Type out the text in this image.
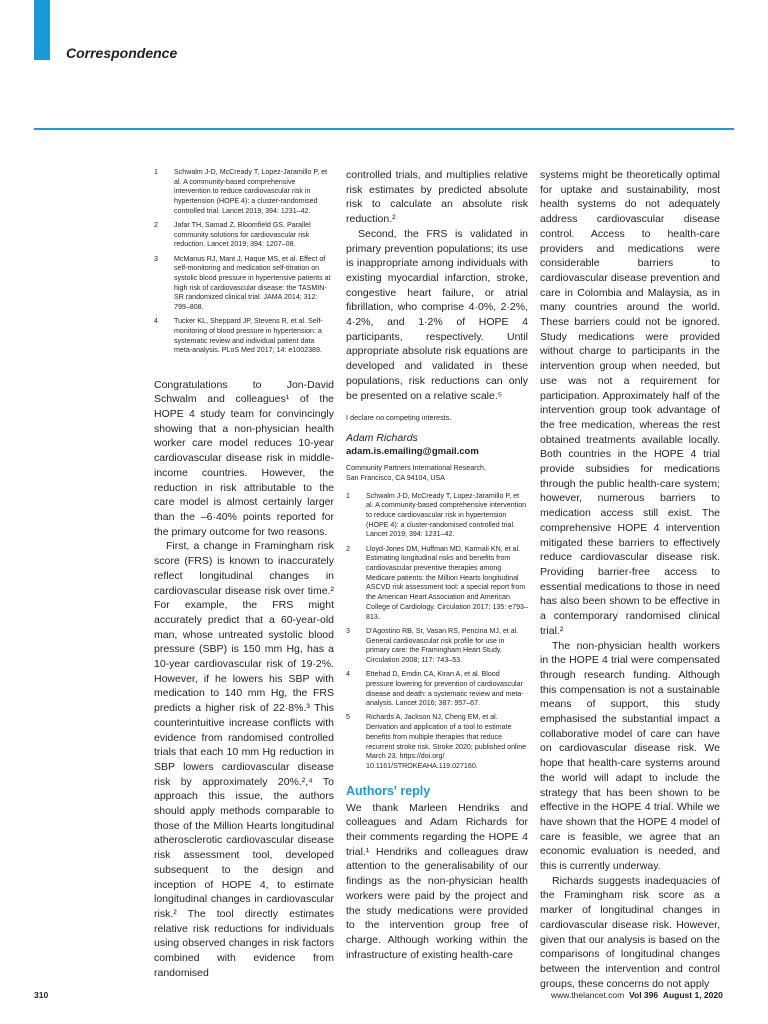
Correspondence
1	Schwalm J-D, McCready T, Lopez-Jaramillo P, et al. A community-based comprehensive intervention to reduce cardiovascular risk in hypertension (HOPE 4): a cluster-randomised controlled trial. Lancet 2019; 394: 1231–42.
2	Jafar TH, Samad Z, Bloomfield GS. Parallel community solutions for cardiovascular risk reduction. Lancet 2019; 394: 1207–08.
3	McManus RJ, Mant J, Haque MS, et al. Effect of self-monitoring and medication self-titration on systolic blood pressure in hypertensive patients at high risk of cardiovascular disease: the TASMIN-SR randomized clinical trial. JAMA 2014; 312: 799–808.
4	Tucker KL, Sheppard JP, Stevens R, et al. Self-monitoring of blood pressure in hypertension: a systematic review and individual patient data meta-analysis. PLoS Med 2017; 14: e1002389.

Congratulations to Jon-David Schwalm and colleagues¹ of the HOPE 4 study team for convincingly showing that a non-physician health worker care model reduces 10-year cardiovascular disease risk in middle-income countries. However, the reduction in risk attributable to the care model is almost certainly larger than the –6·40% points reported for the primary outcome for two reasons.

First, a change in Framingham risk score (FRS) is known to inaccurately reflect longitudinal changes in cardiovascular disease risk over time.² For example, the FRS might accurately predict that a 60-year-old man, whose untreated systolic blood pressure (SBP) is 150 mm Hg, has a 10-year cardiovascular risk of 19·2%. However, if he lowers his SBP with medication to 140 mm Hg, the FRS predicts a higher risk of 22·8%.³ This counterintuitive increase conflicts with evidence from randomised controlled trials that each 10 mm Hg reduction in SBP lowers cardiovascular disease risk by approximately 20%.²,⁴ To approach this issue, the authors should apply methods comparable to those of the Million Hearts longitudinal atherosclerotic cardiovascular disease risk assessment tool, developed subsequent to the design and inception of HOPE 4, to estimate longitudinal changes in cardiovascular risk.² The tool directly estimates relative risk reductions for individuals using observed changes in risk factors combined with evidence from randomised

controlled trials, and multiplies relative risk estimates by predicted absolute risk to calculate an absolute risk reduction.²

Second, the FRS is validated in primary prevention populations; its use is inappropriate among individuals with existing myocardial infarction, stroke, congestive heart failure, or atrial fibrillation, who comprise 4·0%, 2·2%, 4·2%, and 1·2% of HOPE 4 participants, respectively. Until appropriate absolute risk equations are developed and validated in these populations, risk reductions can only be presented on a relative scale.⁵

I declare no competing interests.

Adam Richards

adam.is.emailing@gmail.com

Community Partners International Research,
San Francisco, CA 94104, USA

1	Schwalm J-D, McCready T, Lopez-Jaramillo P, et al. A community-based comprehensive intervention to reduce cardiovascular risk in hypertension (HOPE 4): a cluster-randomised controlled trial. Lancet 2019; 394: 1231–42.
2	Lloyd-Jones DM, Huffman MD, Karmali KN, et al. Estimating longitudinal risks and benefits from cardiovascular preventive therapies among Medicare patients: the Million Hearts longitudinal ASCVD risk assessment tool: a special report from the American Heart Association and American College of Cardiology. Circulation 2017; 135: e793–813.
3	D'Agostino RB, Sr, Vasan RS, Pencina MJ, et al. General cardiovascular risk profile for use in primary care: the Framingham Heart Study. Circulation 2008; 117: 743–53.
4	Ettehad D, Emdin CA, Kiran A, et al. Blood pressure lowering for prevention of cardiovascular disease and death: a systematic review and meta-analysis. Lancet 2016; 387: 957–67.
5	Richards A, Jackson NJ, Cheng EM, et al. Derivation and application of a tool to estimate benefits from multiple therapies that reduce recurrent stroke risk. Stroke 2020; published online March 23. https://doi.org/ 10.1161/STROKEAHA.119.027160.
Authors' reply

We thank Marleen Hendriks and colleagues and Adam Richards for their comments regarding the HOPE 4 trial.¹ Hendriks and colleagues draw attention to the generalisability of our findings as the non-physician health workers were paid by the project and the study medications were provided to the intervention group free of charge. Although working within the infrastructure of existing health-care

systems might be theoretically optimal for uptake and sustainability, most health systems do not adequately address cardiovascular disease control. Access to health-care providers and medications were considerable barriers to cardiovascular disease prevention and care in Colombia and Malaysia, as in many countries around the world. These barriers could not be ignored. Study medications were provided without charge to participants in the intervention group when needed, but use was not a requirement for participation. Approximately half of the intervention group took advantage of the free medication, whereas the rest obtained treatments available locally. Both countries in the HOPE 4 trial provide subsidies for medications through the public health-care system; however, numerous barriers to medication access still exist. The comprehensive HOPE 4 intervention mitigated these barriers to effectively reduce cardiovascular disease risk. Providing barrier-free access to essential medications to those in need has also been shown to be effective in a contemporary randomised clinical trial.²

The non-physician health workers in the HOPE 4 trial were compensated through research funding. Although this compensation is not a sustainable means of support, this study emphasised the substantial impact a collaborative model of care can have on cardiovascular disease risk. We hope that health-care systems around the world will adapt to include the strategy that has been shown to be effective in the HOPE 4 trial. While we have shown that the HOPE 4 model of care is feasible, we agree that an economic evaluation is needed, and this is currently underway.

Richards suggests inadequacies of the Framingham risk score as a marker of longitudinal changes in cardiovascular disease risk. However, given that our analysis is based on the comparisons of longitudinal changes between the intervention and control groups, these concerns do not apply

310	www.thelancet.com Vol 396 August 1, 2020
